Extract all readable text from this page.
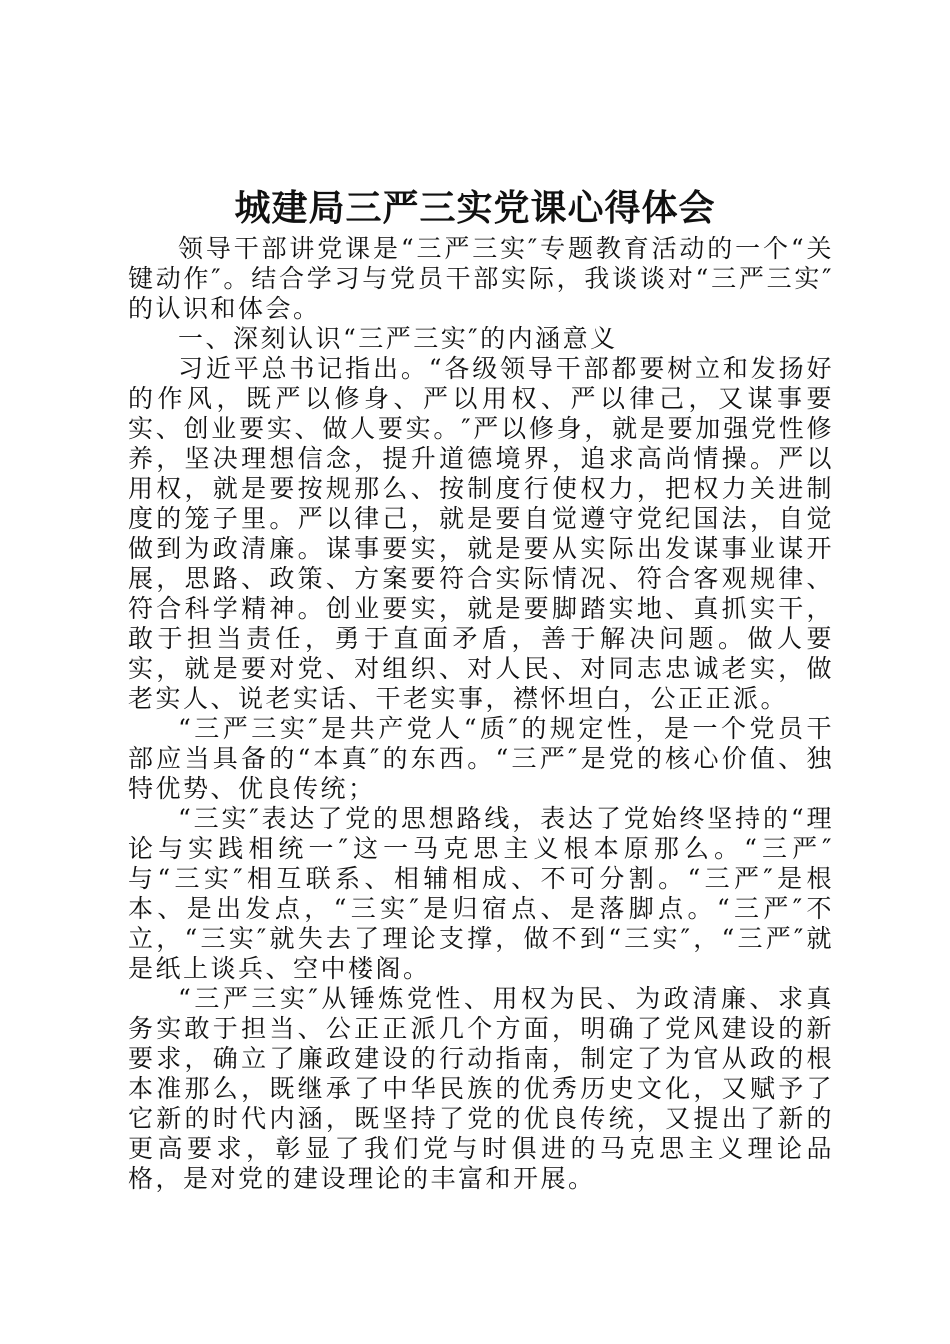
城建局三严三实党课心得体会

领导干部讲党课是“三严三实″专题教育活动的一个“关键动作″。结合学习与党员干部实际，我谈谈对“三严三实″的认识和体会。

一、深刻认识“三严三实″的内涵意义

习近平总书记指出。“各级领导干部都要树立和发扬好的作风，既严以修身、严以用权、严以律己，又谋事要实、创业要实、做人要实。″严以修身，就是要加强党性修养，坚决理想信念，提升道德境界，追求高尚情操。严以用权，就是要按规那么、按制度行使权力，把权力关进制度的笼子里。严以律己，就是要自觉遵守党纪国法，自觉做到为政清廉。谋事要实，就是要从实际出发谋事业谋开展，思路、政策、方案要符合实际情况、符合客观规律、符合科学精神。创业要实，就是要脚踏实地、真抓实干，敢于担当责任，勇于直面矛盾，善于解决问题。做人要实，就是要对党、对组织、对人民、对同志忠诚老实，做老实人、说老实话、干老实事，襟怀坦白，公正正派。

“三严三实″是共产党人“质″的规定性，是一个党员干部应当具备的“本真″的东西。“三严″是党的核心价值、独特优势、优良传统；

“三实″表达了党的思想路线，表达了党始终坚持的“理论与实践相统一″这一马克思主义根本原那么。“三严″与“三实″相互联系、相辅相成、不可分割。“三严″是根本、是出发点，“三实″是归宿点、是落脚点。“三严″不立，“三实″就失去了理论支撑，做不到“三实″，“三严″就是纸上谈兵、空中楼阁。

“三严三实″从锤炼党性、用权为民、为政清廉、求真务实敢于担当、公正正派几个方面，明确了党风建设的新要求，确立了廉政建设的行动指南，制定了为官从政的根本准那么，既继承了中华民族的优秀历史文化，又赋予了它新的时代内涵，既坚持了党的优良传统，又提出了新的更高要求，彰显了我们党与时俱进的马克思主义理论品格，是对党的建设理论的丰富和开展。
